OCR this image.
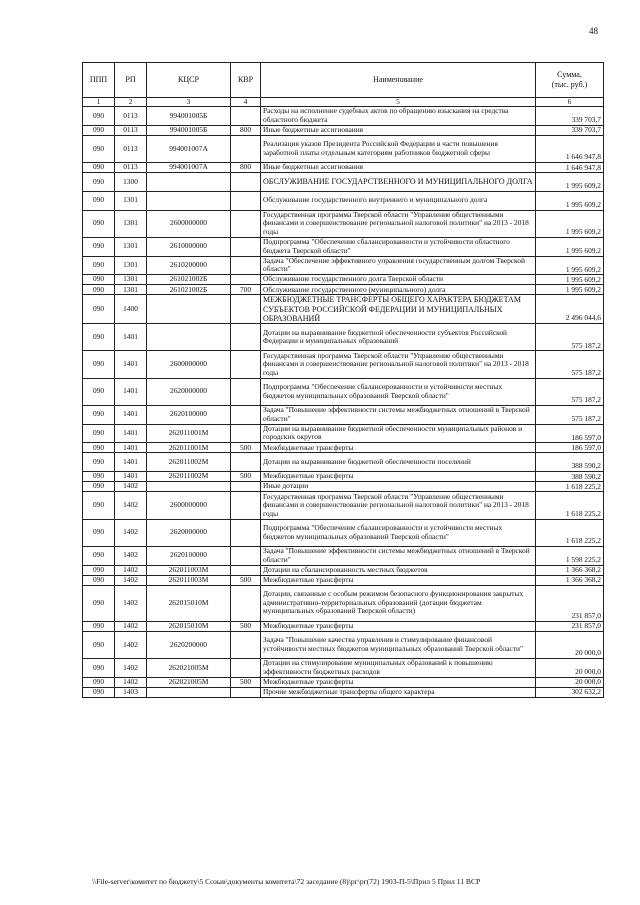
48
ППП	РП	КЦСР	КВР	Наименование	Сумма,
(тыс. руб.)
1	2	3	4	5	6
090	0113	994001005Б		Расходы на исполнение судебных актов по обращению взыскания на средства областного бюджета	339 703,7
090	0113	994001005Б	800	Иные бюджетные ассигнования	339 703,7
090	0113	994001007А		Реализация указов Президента Российской Федерации в части повышения заработной платы отдельным категориям работников бюджетной сферы	1 646 947,8
090	0113	994001007А	800	Иные бюджетные ассигнования	1 646 947,8
090	1300			ОБСЛУЖИВАНИЕ ГОСУДАРСТВЕННОГО И МУНИЦИПАЛЬНОГО ДОЛГА	1 995 609,2
090	1301			Обслуживание государственного внутреннего и муниципального долга	1 995 609,2
090	1301	2600000000		Государственная программа Тверской области "Управление общественными финансами и совершенствование региональной налоговой политики" на 2013 - 2018 годы	1 995 609,2
090	1301	2610000000		Подпрограмма "Обеспечение сбалансированности и устойчивости областного бюджета Тверской области"	1 995 609,2
090	1301	2610200000		Задача "Обеспечение эффективного управления государственным долгом Тверской области"	1 995 609,2
090	1301	261021002Б		Обслуживание государственного долга Тверской области	1 995 609,2
090	1301	261021002Б	700	Обслуживание государственного (муниципального) долга	1 995 609,2
090	1400			МЕЖБЮДЖЕТНЫЕ ТРАНСФЕРТЫ ОБЩЕГО ХАРАКТЕРА БЮДЖЕТАМ СУБЪЕКТОВ РОССИЙСКОЙ ФЕДЕРАЦИИ И МУНИЦИПАЛЬНЫХ ОБРАЗОВАНИЙ	2 496 044,6
090	1401			Дотации на выравнивание бюджетной обеспеченности субъектов Российской Федерации и муниципальных образований	575 187,2
090	1401	2600000000		Государственная программа Тверской области "Управление общественными финансами и совершенствование региональной налоговой политики" на 2013 - 2018 годы	575 187,2
090	1401	2620000000		Подпрограмма "Обеспечение сбалансированности и устойчивости местных бюджетов муниципальных образований Тверской области"	575 187,2
090	1401	2620100000		Задача "Повышение эффективности системы межбюджетных отношений в Тверской области"	575 187,2
090	1401	262011001М		Дотации на выравнивание бюджетной обеспеченности муниципальных районов и городских округов	186 597,0
090	1401	262011001М	500	Межбюджетные трансферты	186 597,0
090	1401	262011002М		Дотации на выравнивание бюджетной обеспеченности поселений	388 590,2
090	1401	262011002М	500	Межбюджетные трансферты	388 590,2
090	1402			Иные дотации	1 618 225,2
090	1402	2600000000		Государственная программа Тверской области "Управление общественными финансами и совершенствование региональной налоговой политики" на 2013 - 2018 годы	1 618 225,2
090	1402	2620000000		Подпрограмма "Обеспечение сбалансированности и устойчивости местных бюджетов муниципальных образований Тверской области"	1 618 225,2
090	1402	2620100000		Задача "Повышение эффективности системы межбюджетных отношений в Тверской области"	1 598 225,2
090	1402	262011003М		Дотации на сбалансированность местных бюджетов	1 366 368,2
090	1402	262011003М	500	Межбюджетные трансферты	1 366 368,2
090	1402	262015010М		Дотации, связанные с особым режимом безопасного функционирования закрытых административно-территориальных образований (дотации бюджетам муниципальных образований Тверской области)	231 857,0
090	1402	262015010М	500	Межбюджетные трансферты	231 857,0
090	1402	2620200000		Задача "Повышение качества управления и стимулирование финансовой устойчивости местных бюджетов муниципальных образований Тверской области"	20 000,0
090	1402	262021005М		Дотации на стимулирование муниципальных образований к повышению эффективности бюджетных расходов	20 000,0
090	1402	262021005М	500	Межбюджетные трансферты	20 000,0
090	1403			Прочие межбюджетные трансферты общего характера	302 632,2
\\File-server\комитет по бюджету\5 Созыв\документы комитета\72 заседание (8)\рг\рг(72) 1903-П-5\Прил 5 Прил 11 ВСР
